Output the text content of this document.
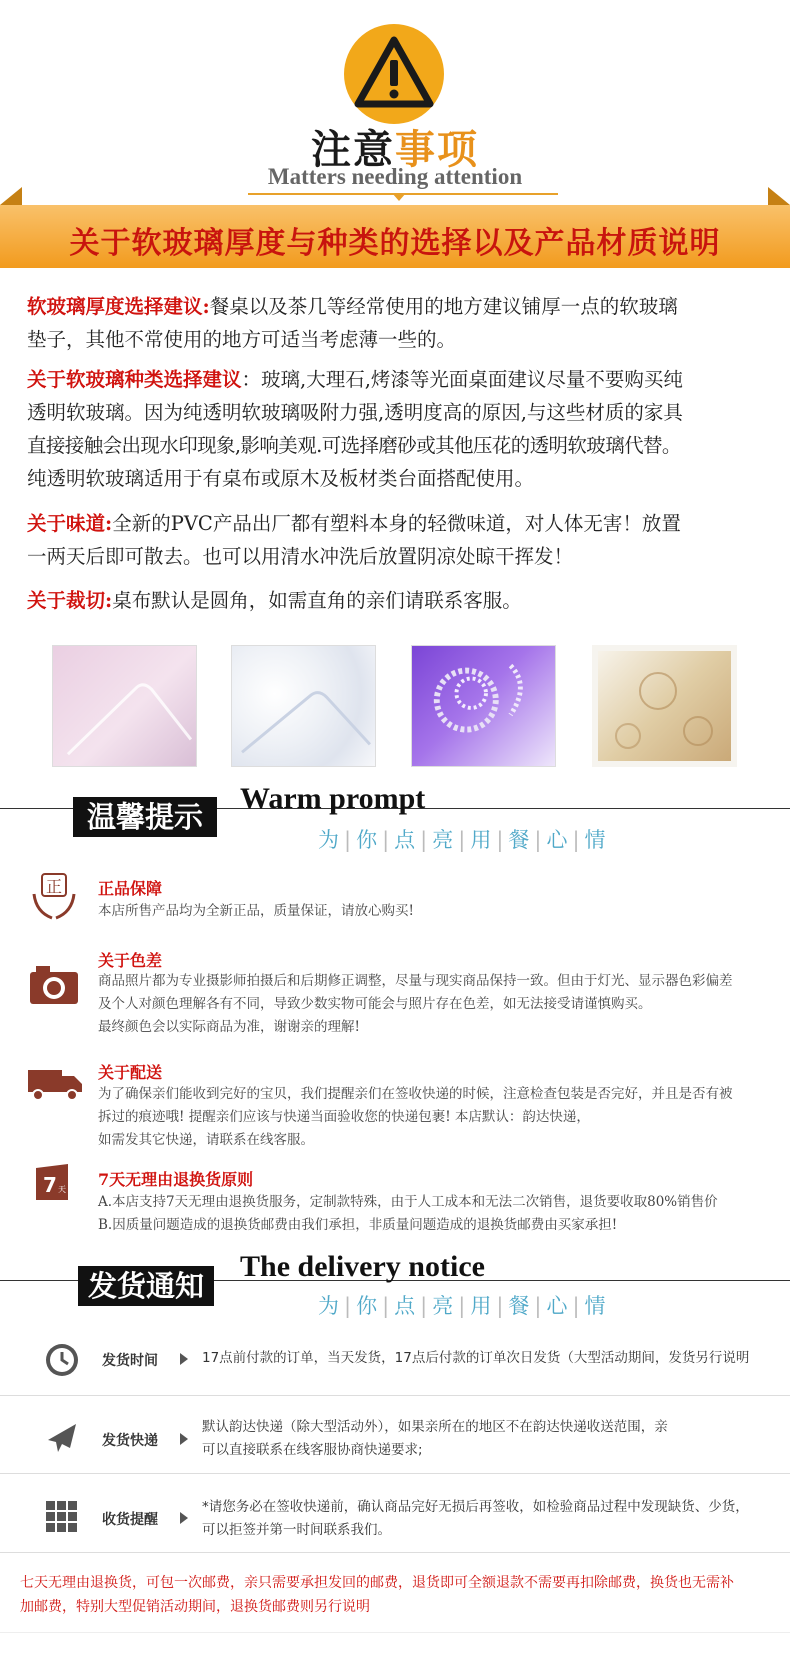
注意事项
Matters needing attention
关于软玻璃厚度与种类的选择以及产品材质说明
软玻璃厚度选择建议:餐桌以及茶几等经常使用的地方建议铺厚一点的软玻璃
垫子，其他不常使用的地方可适当考虑薄一些的。
关于软玻璃种类选择建议：玻璃,大理石,烤漆等光面桌面建议尽量不要购买纯
透明软玻璃。因为纯透明软玻璃吸附力强,透明度高的原因,与这些材质的家具
直接接触会出现水印现象,影响美观.可选择磨砂或其他压花的透明软玻璃代替。
纯透明软玻璃适用于有桌布或原木及板材类台面搭配使用。
关于味道:全新的PVC产品出厂都有塑料本身的轻微味道，对人体无害！放置
一两天后即可散去。也可以用清水冲洗后放置阴凉处晾干挥发！
关于裁切:桌布默认是圆角，如需直角的亲们请联系客服。
温馨提示
Warm prompt
为 | 你 | 点 | 亮 | 用 | 餐 | 心 | 情
正 正品保障
本店所售产品均为全新正品，质量保证，请放心购买!
关于色差
商品照片都为专业摄影师拍摄后和后期修正调整，尽量与现实商品保持一致。但由于灯光、显示器色彩偏差
及个人对颜色理解各有不同，导致少数实物可能会与照片存在色差，如无法接受请谨慎购买。
最终颜色会以实际商品为准，谢谢亲的理解!
关于配送
为了确保亲们能收到完好的宝贝，我们提醒亲们在签收快递的时候，注意检查包装是否完好，并且是否有被
拆过的痕迹哦! 提醒亲们应该与快递当面验收您的快递包裹! 本店默认：韵达快递，
如需发其它快递，请联系在线客服。
7 天
7天无理由退换货原则
A.本店支持7天无理由退换货服务，定制款特殊，由于人工成本和无法二次销售，退货要收取80%销售价
B.因质量问题造成的退换货邮费由我们承担，非质量问题造成的退换货邮费由买家承担!
发货通知
The delivery notice
为 | 你 | 点 | 亮 | 用 | 餐 | 心 | 情
发货时间	17点前付款的订单，当天发货，17点后付款的订单次日发货（大型活动期间，发货另行说明
发货快递
默认韵达快递（除大型活动外），如果亲所在的地区不在韵达快递收送范围，亲
可以直接联系在线客服协商快递要求;
收货提醒
*请您务必在签收快递前，确认商品完好无损后再签收，如检验商品过程中发现缺货、少货，
可以拒签并第一时间联系我们。
七天无理由退换货，可包一次邮费，亲只需要承担发回的邮费，退货即可全额退款不需要再扣除邮费，换货也无需补
加邮费，特别大型促销活动期间，退换货邮费则另行说明
